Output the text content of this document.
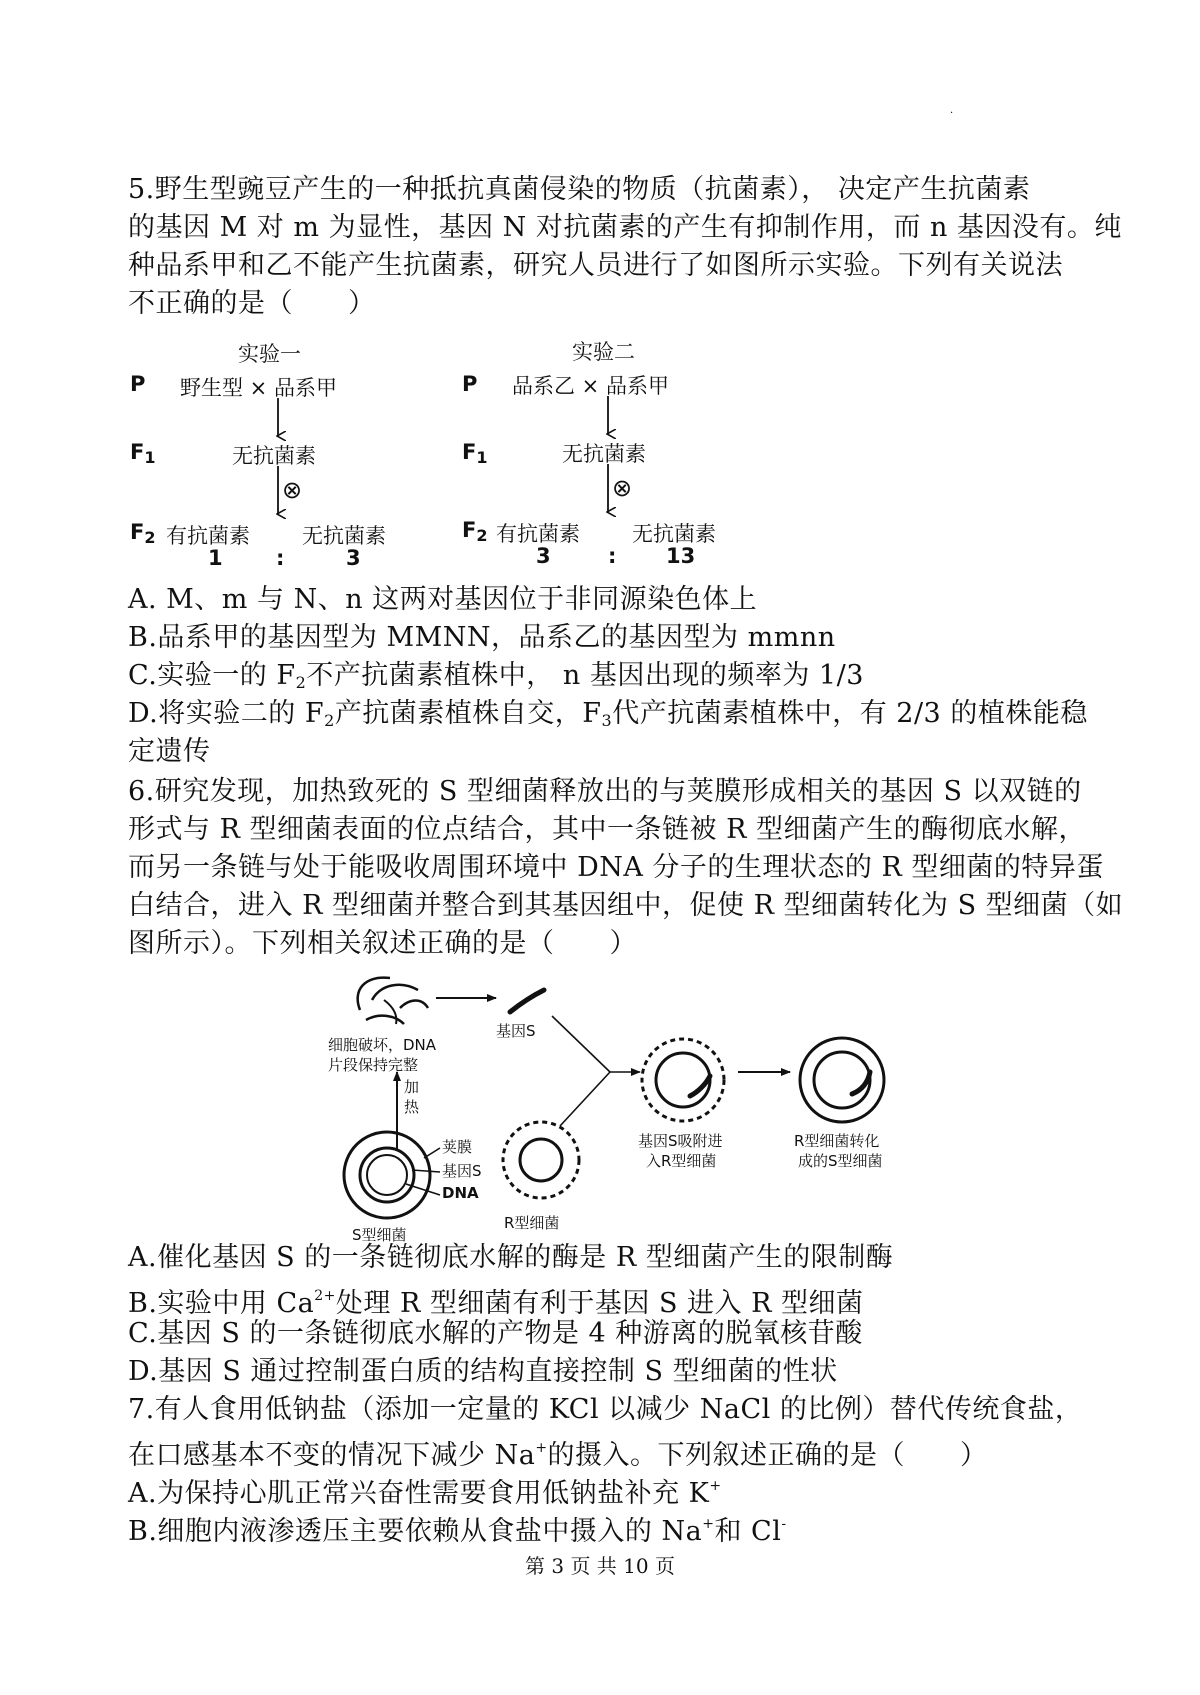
·
5.野生型豌豆产生的一种抵抗真菌侵染的物质（抗菌素）， 决定产生抗菌素
的基因 M 对 m 为显性，基因 N 对抗菌素的产生有抑制作用，而 n 基因没有。纯
种品系甲和乙不能产生抗菌素，研究人员进行了如图所示实验。下列有关说法
不正确的是（　　）
实验一
P 野生型 × 品系甲
$F_1$	无抗菌素
⊗
$F_2$ 有抗菌素 无抗菌素
1	:	3
实验二
P 品系乙 × 品系甲
$F_1$	无抗菌素
⊗
$F_2$ 有抗菌素 无抗菌素
3	: 13
A. M、m 与 N、n 这两对基因位于非同源染色体上
B.品系甲的基因型为 MMNN，品系乙的基因型为 mmnn
C.实验一的 $F_2$不产抗菌素植株中， n 基因出现的频率为 1/3
D.将实验二的 $F_2$产抗菌素植株自交，$F_3$代产抗菌素植株中，有 2/3 的植株能稳
定遗传
6.研究发现，加热致死的 S 型细菌释放出的与荚膜形成相关的基因 S 以双链的
形式与 R 型细菌表面的位点结合，其中一条链被 R 型细菌产生的酶彻底水解，
而另一条链与处于能吸收周围环境中 DNA 分子的生理状态的 R 型细菌的特异蛋
白结合，进入 R 型细菌并整合到其基因组中，促使 R 型细菌转化为 S 型细菌（如
图所示）。下列相关叙述正确的是（　　）
细胞破坏，DNA
片段保持完整
基因S
加
热
荚膜
基因S
DNA
S型细菌
R型细菌
基因S吸附进
入R型细菌
R型细菌转化
成的S型细菌
A.催化基因 S 的一条链彻底水解的酶是 R 型细菌产生的限制酶
B.实验中用 $Ca^{2+}$处理 R 型细菌有利于基因 S 进入 R 型细菌
C.基因 S 的一条链彻底水解的产物是 4 种游离的脱氧核苷酸
D.基因 S 通过控制蛋白质的结构直接控制 S 型细菌的性状
7.有人食用低钠盐（添加一定量的 KCl 以减少 NaCl 的比例）替代传统食盐，
在口感基本不变的情况下减少 Na+的摄入。下列叙述正确的是（　　）
A.为保持心肌正常兴奋性需要食用低钠盐补充 K+
B.细胞内液渗透压主要依赖从食盐中摄入的 Na+和 Cl-
第 3 页 共 10 页
